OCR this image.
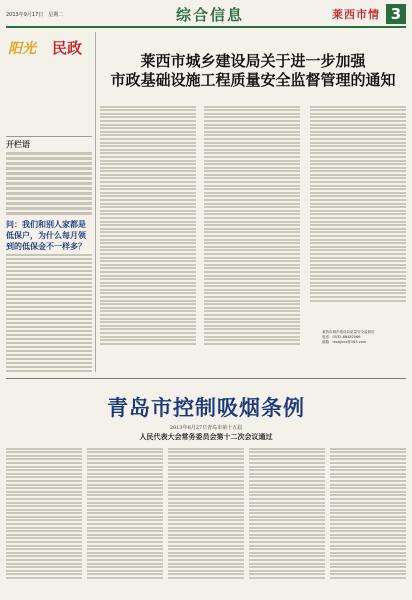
2013年9月17日　星期二	综合信息	莱西市情 3
阳光 民政
开栏语
问：我们和别人家都是低保户，为什么每月领到的低保金不一样多？
莱西市城乡建设局关于进一步加强
市政基础设施工程质量安全监督管理的通知
莱西市城乡建设局质量安全监督站
电话：0532-88482066
邮箱：lxsajjzxx@163.com
青岛市控制吸烟条例
2013年6月27日青岛市第十五届
人民代表大会常务委员会第十二次会议通过
